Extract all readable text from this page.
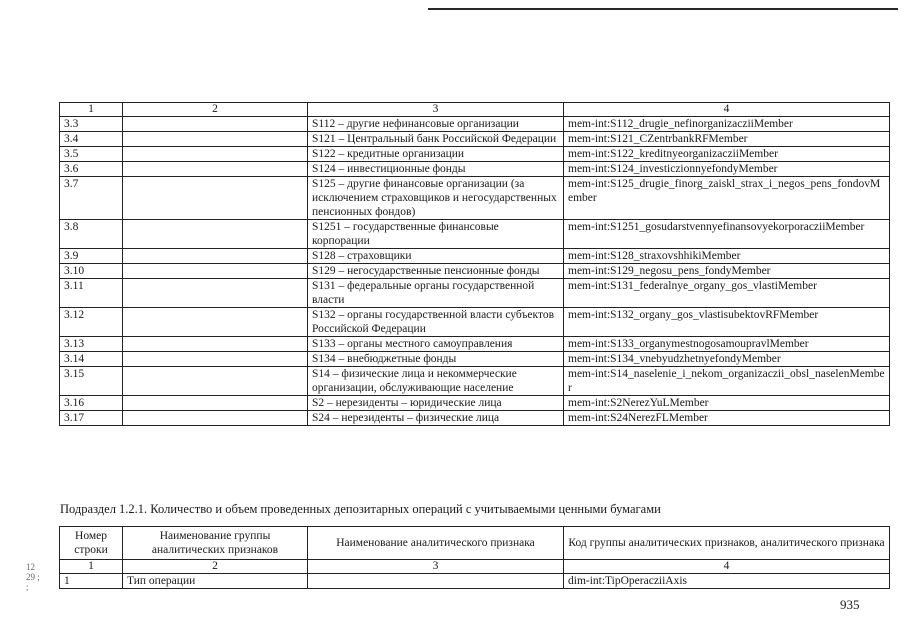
1	2	3	4
3.3		S112 – другие нефинансовые организации	mem-int:S112_drugie_nefinorganizacziiMember
3.4		S121 – Центральный банк Российской Федерации	mem-int:S121_CZentrbankRFMember
3.5		S122 – кредитные организации	mem-int:S122_kreditnyeorganizacziiMember
3.6		S124 – инвестиционные фонды	mem-int:S124_investiczionnyefondyMember
3.7		S125 – другие финансовые организации (за исключением страховщиков и негосударственных пенсионных фондов)	mem-int:S125_drugie_finorg_zaiskl_strax_i_negos_pens_fondovMember
3.8		S1251 – государственные финансовые корпорации	mem-int:S1251_gosudarstvennyefinansovyekorporacziiMember
3.9		S128 – страховщики	mem-int:S128_straxovshhikiMember
3.10		S129 – негосударственные пенсионные фонды	mem-int:S129_negosu_pens_fondyMember
3.11		S131 – федеральные органы государственной власти	mem-int:S131_federalnye_organy_gos_vlastiMember
3.12		S132 – органы государственной власти субъектов Российской Федерации	mem-int:S132_organy_gos_vlastisubektovRFMember
3.13		S133 – органы местного самоуправления	mem-int:S133_organymestnogosamoupravlMember
3.14		S134 – внебюджетные фонды	mem-int:S134_vnebyudzhetnyefondyMember
3.15		S14 – физические лица и некоммерческие организации, обслуживающие население	mem-int:S14_naselenie_i_nekom_organizaczii_obsl_naselenMember
3.16		S2 – нерезиденты – юридические лица	mem-int:S2NerezYuLMember
3.17		S24 – нерезиденты – физические лица	mem-int:S24NerezFLMember
Подраздел 1.2.1. Количество и объем проведенных депозитарных операций с учитываемыми ценными бумагами
Номер строки	Наименование группы аналитических признаков	Наименование аналитического признака	Код группы аналитических признаков, аналитического признака
1	2	3	4
1	Тип операции		dim-int:TipOperacziiAxis
12 29 ; ;
935
